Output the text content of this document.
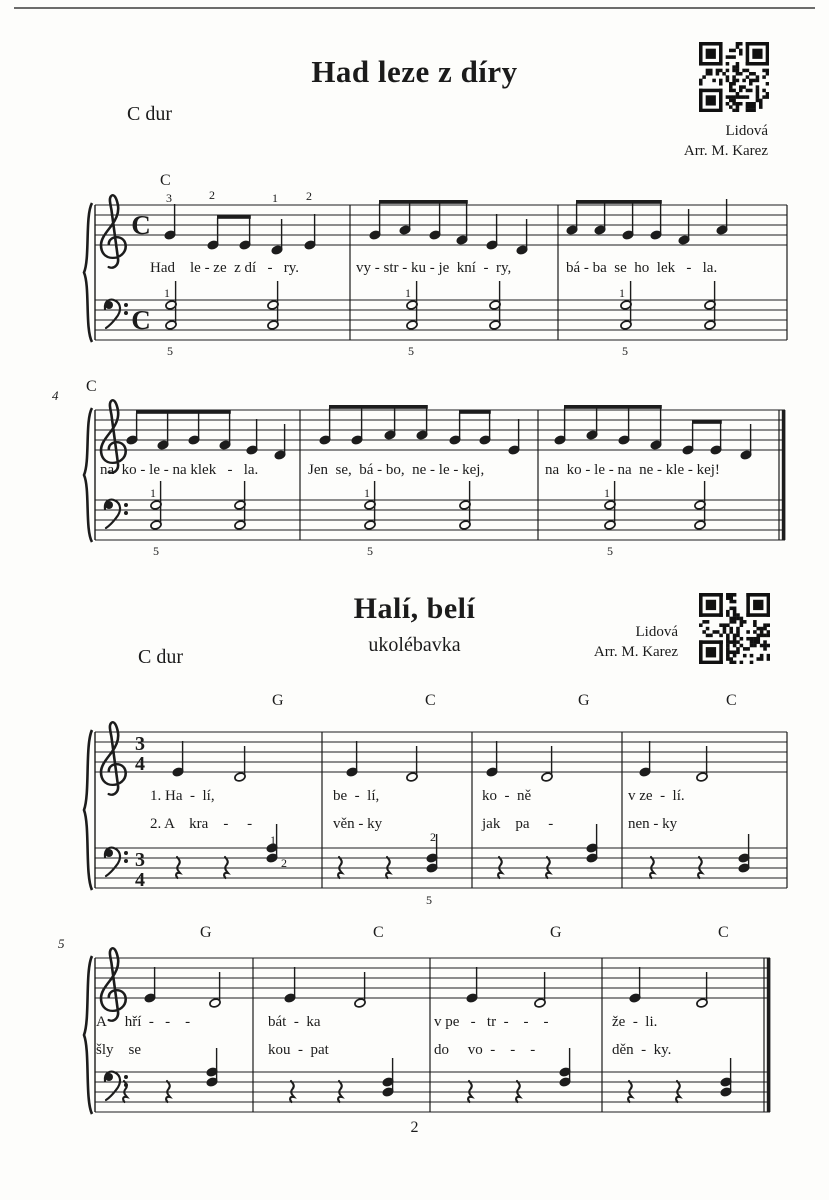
Had leze z díry
C dur
Lidová
Arr. M. Karez
Halí, belí
ukolébavka
C dur
Lidová
Arr. M. Karez
C
C
3
4
3
4
C
3	2	1 2
1	1	1
5	5	5
Had    le - ze  z dí   -   ry.	vy - str - ku - je  kní  -  ry,	bá - ba  se  ho  lek   -   la.
C
1	1	1
5	5	5
na  ko - le - na klek   -   la.	Jen  se,  bá - bo,  ne - le - kej,	na  ko - le - na  ne - kle - kej!
4
G	C	G	C
1
2
2
5
1. Ha  -  lí,	be  -  lí,	ko  -  ně	v ze  -  lí.
2. A    kra    -     -	věn - ky	jak    pa     -	nen - ky
G	C	G	C
A     hří  -   -    -	bát  -  ka	v pe   -   tr  -    -    -	že  -  li.
šly    se	kou  -  pat	do     vo  -    -    -	děn  -  ky.
5
2
